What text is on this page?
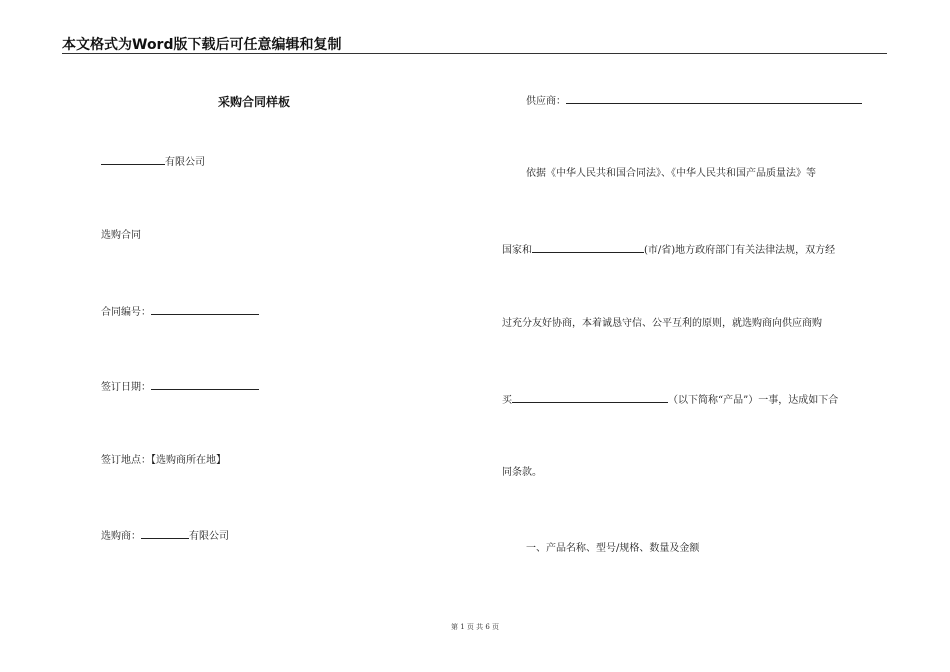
本文格式为Word版下载后可任意编辑和复制
采购合同样板
有限公司
选购合同
合同编号：
签订日期：
签订地点：【选购商所在地】
选购商：	有限公司
供应商：
依据《中华人民共和国合同法》、《中华人民共和国产品质量法》等
国家和	(市/省)地方政府部门有关法律法规，双方经
过充分友好协商，本着诚恳守信、公平互利的原则，就选购商向供应商购
买	（以下简称“产品”）一事，达成如下合
同条款。
一、产品名称、型号/规格、数量及金额
第 1 页 共 6 页
